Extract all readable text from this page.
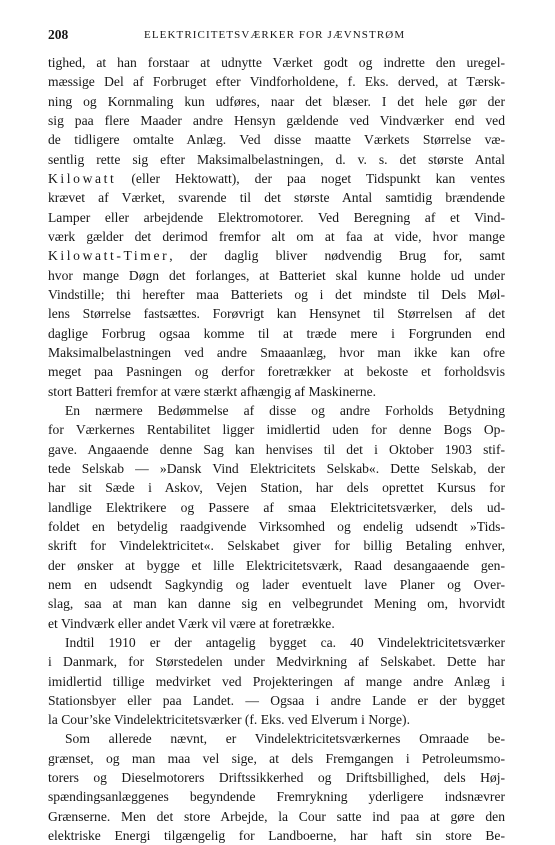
208	ELEKTRICITETSVÆRKER FOR JÆVNSTRØM

tighed, at han forstaar at udnytte Værket godt og indrette den uregel-

mæssige Del af Forbruget efter Vindforholdene, f. Eks. derved, at Tærsk-

ning og Kornmaling kun udføres, naar det blæser. I det hele gør der

sig paa flere Maader andre Hensyn gældende ved Vindværker end ved

de tidligere omtalte Anlæg. Ved disse maatte Værkets Størrelse væ-

sentlig rette sig efter Maksimalbelastningen, d. v. s. det største Antal

Kilowatt (eller Hektowatt), der paa noget Tidspunkt kan ventes

krævet af Værket, svarende til det største Antal samtidig brændende

Lamper eller arbejdende Elektromotorer. Ved Beregning af et Vind-

værk gælder det derimod fremfor alt om at faa at vide, hvor mange

Kilowatt-Timer, der daglig bliver nødvendig Brug for, samt

hvor mange Døgn det forlanges, at Batteriet skal kunne holde ud under

Vindstille; thi herefter maa Batteriets og i det mindste til Dels Møl-

lens Størrelse fastsættes. Forøvrigt kan Hensynet til Størrelsen af det

daglige Forbrug ogsaa komme til at træde mere i Forgrunden end

Maksimalbelastningen ved andre Smaaanlæg, hvor man ikke kan ofre

meget paa Pasningen og derfor foretrækker at bekoste et forholdsvis

stort Batteri fremfor at være stærkt afhængig af Maskinerne.

En nærmere Bedømmelse af disse og andre Forholds Betydning

for Værkernes Rentabilitet ligger imidlertid uden for denne Bogs Op-

gave. Angaaende denne Sag kan henvises til det i Oktober 1903 stif-

tede Selskab — »Dansk Vind Elektricitets Selskab«. Dette Selskab, der

har sit Sæde i Askov, Vejen Station, har dels oprettet Kursus for

landlige Elektrikere og Passere af smaa Elektricitetsværker, dels ud-

foldet en betydelig raadgivende Virksomhed og endelig udsendt »Tids-

skrift for Vindelektricitet«. Selskabet giver for billig Betaling enhver,

der ønsker at bygge et lille Elektricitetsværk, Raad desangaaende gen-

nem en udsendt Sagkyndig og lader eventuelt lave Planer og Over-

slag, saa at man kan danne sig en velbegrundet Mening om, hvorvidt

et Vindværk eller andet Værk vil være at foretrække.

Indtil 1910 er der antagelig bygget ca. 40 Vindelektricitetsværker

i Danmark, for Størstedelen under Medvirkning af Selskabet. Dette har

imidlertid tillige medvirket ved Projekteringen af mange andre Anlæg i

Stationsbyer eller paa Landet. — Ogsaa i andre Lande er der bygget

la Cour’ske Vindelektricitetsværker (f. Eks. ved Elverum i Norge).

Som allerede nævnt, er Vindelektricitetsværkernes Omraade be-

grænset, og man maa vel sige, at dels Fremgangen i Petroleumsmo-

torers og Dieselmotorers Driftssikkerhed og Driftsbillighed, dels Høj-

spændingsanlæggenes begyndende Fremrykning yderligere indsnævrer

Grænserne. Men det store Arbejde, la Cour satte ind paa at gøre den

elektriske Energi tilgængelig for Landboerne, har haft sin store Be-
